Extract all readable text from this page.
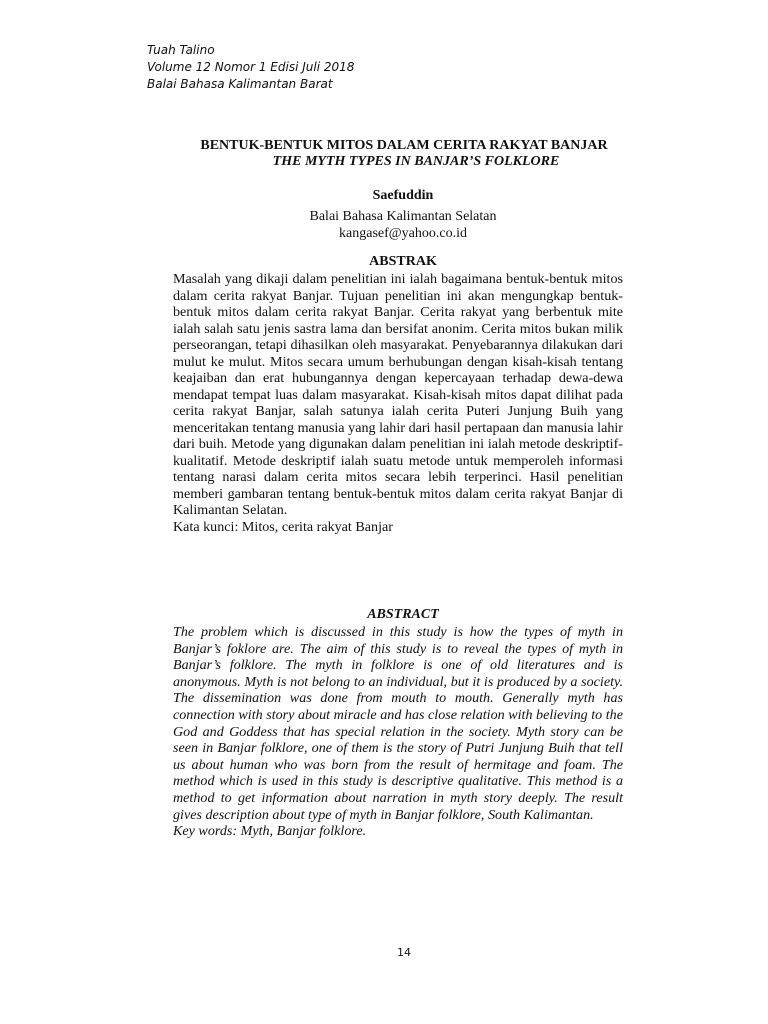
Tuah Talino
Volume 12 Nomor 1 Edisi Juli 2018
Balai Bahasa Kalimantan Barat
BENTUK-BENTUK MITOS DALAM CERITA RAKYAT BANJAR
THE MYTH TYPES IN BANJAR’S FOLKLORE
Saefuddin
Balai Bahasa Kalimantan Selatan
kangasef@yahoo.co.id
ABSTRAK
Masalah yang dikaji dalam penelitian ini ialah bagaimana bentuk-bentuk mitos dalam cerita rakyat Banjar. Tujuan penelitian ini akan mengungkap bentuk-bentuk mitos dalam cerita rakyat Banjar. Cerita rakyat yang berbentuk mite ialah salah satu jenis sastra lama dan bersifat anonim. Cerita mitos bukan milik perseorangan, tetapi dihasilkan oleh masyarakat. Penyebarannya dilakukan dari mulut ke mulut. Mitos secara umum berhubungan dengan kisah-kisah tentang keajaiban dan erat hubungannya dengan kepercayaan terhadap dewa-dewa mendapat tempat luas dalam masyarakat. Kisah-kisah mitos dapat dilihat pada cerita rakyat Banjar, salah satunya ialah cerita Puteri Junjung Buih yang menceritakan tentang manusia yang lahir dari hasil pertapaan dan manusia lahir dari buih. Metode yang digunakan dalam penelitian ini ialah metode deskriptif-kualitatif. Metode deskriptif ialah suatu metode untuk memperoleh informasi tentang narasi dalam cerita mitos secara lebih terperinci. Hasil penelitian memberi gambaran tentang bentuk-bentuk mitos dalam cerita rakyat Banjar di Kalimantan Selatan.
Kata kunci: Mitos, cerita rakyat Banjar
ABSTRACT
The problem which is discussed in this study is how the types of myth in Banjar’s foklore are. The aim of this study is to reveal the types of myth in Banjar’s folklore. The myth in folklore is one of old literatures and is anonymous. Myth is not belong to an individual, but it is produced by a society. The dissemination was done from mouth to mouth. Generally myth has connection with story about miracle and has close relation with believing to the God and Goddess that has special relation in the society. Myth story can be seen in Banjar folklore, one of them is the story of Putri Junjung Buih that tell us about human who was born from the result of hermitage and foam. The method which is used in this study is descriptive qualitative. This method is a method to get information about narration in myth story deeply. The result gives description about type of myth in Banjar folklore, South Kalimantan.
Key words: Myth, Banjar folklore.
14
